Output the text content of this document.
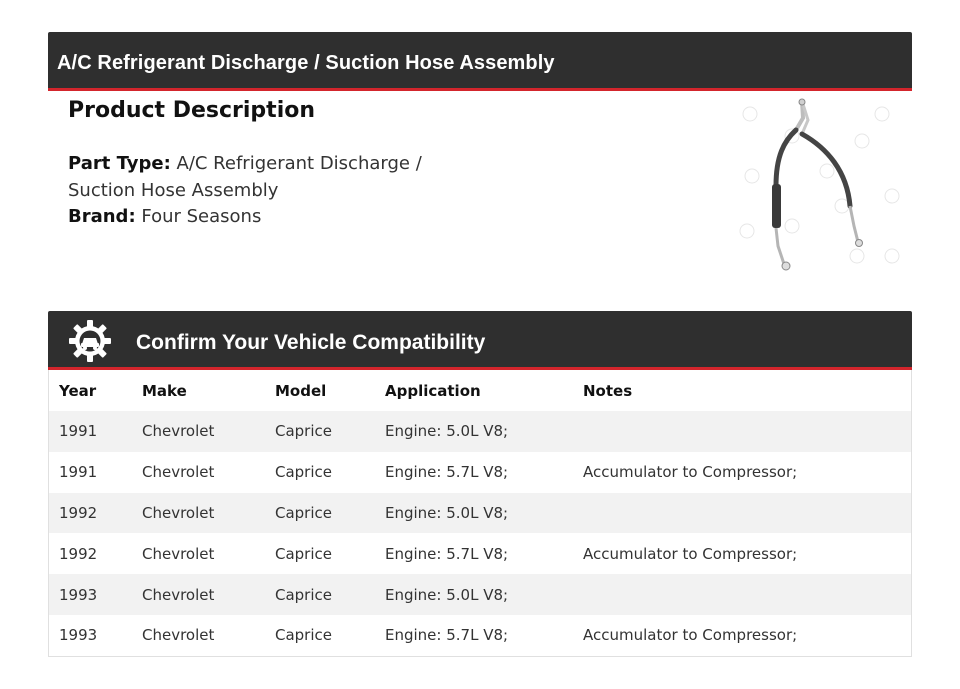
A/C Refrigerant Discharge / Suction Hose Assembly
Product Description
Part Type: A/C Refrigerant Discharge / Suction Hose Assembly
Brand: Four Seasons
Confirm Your Vehicle Compatibility
Year	Make	Model	Application	Notes
1991	Chevrolet	Caprice	Engine: 5.0L V8;	
1991	Chevrolet	Caprice	Engine: 5.7L V8;	Accumulator to Compressor;
1992	Chevrolet	Caprice	Engine: 5.0L V8;	
1992	Chevrolet	Caprice	Engine: 5.7L V8;	Accumulator to Compressor;
1993	Chevrolet	Caprice	Engine: 5.0L V8;	
1993	Chevrolet	Caprice	Engine: 5.7L V8;	Accumulator to Compressor;
